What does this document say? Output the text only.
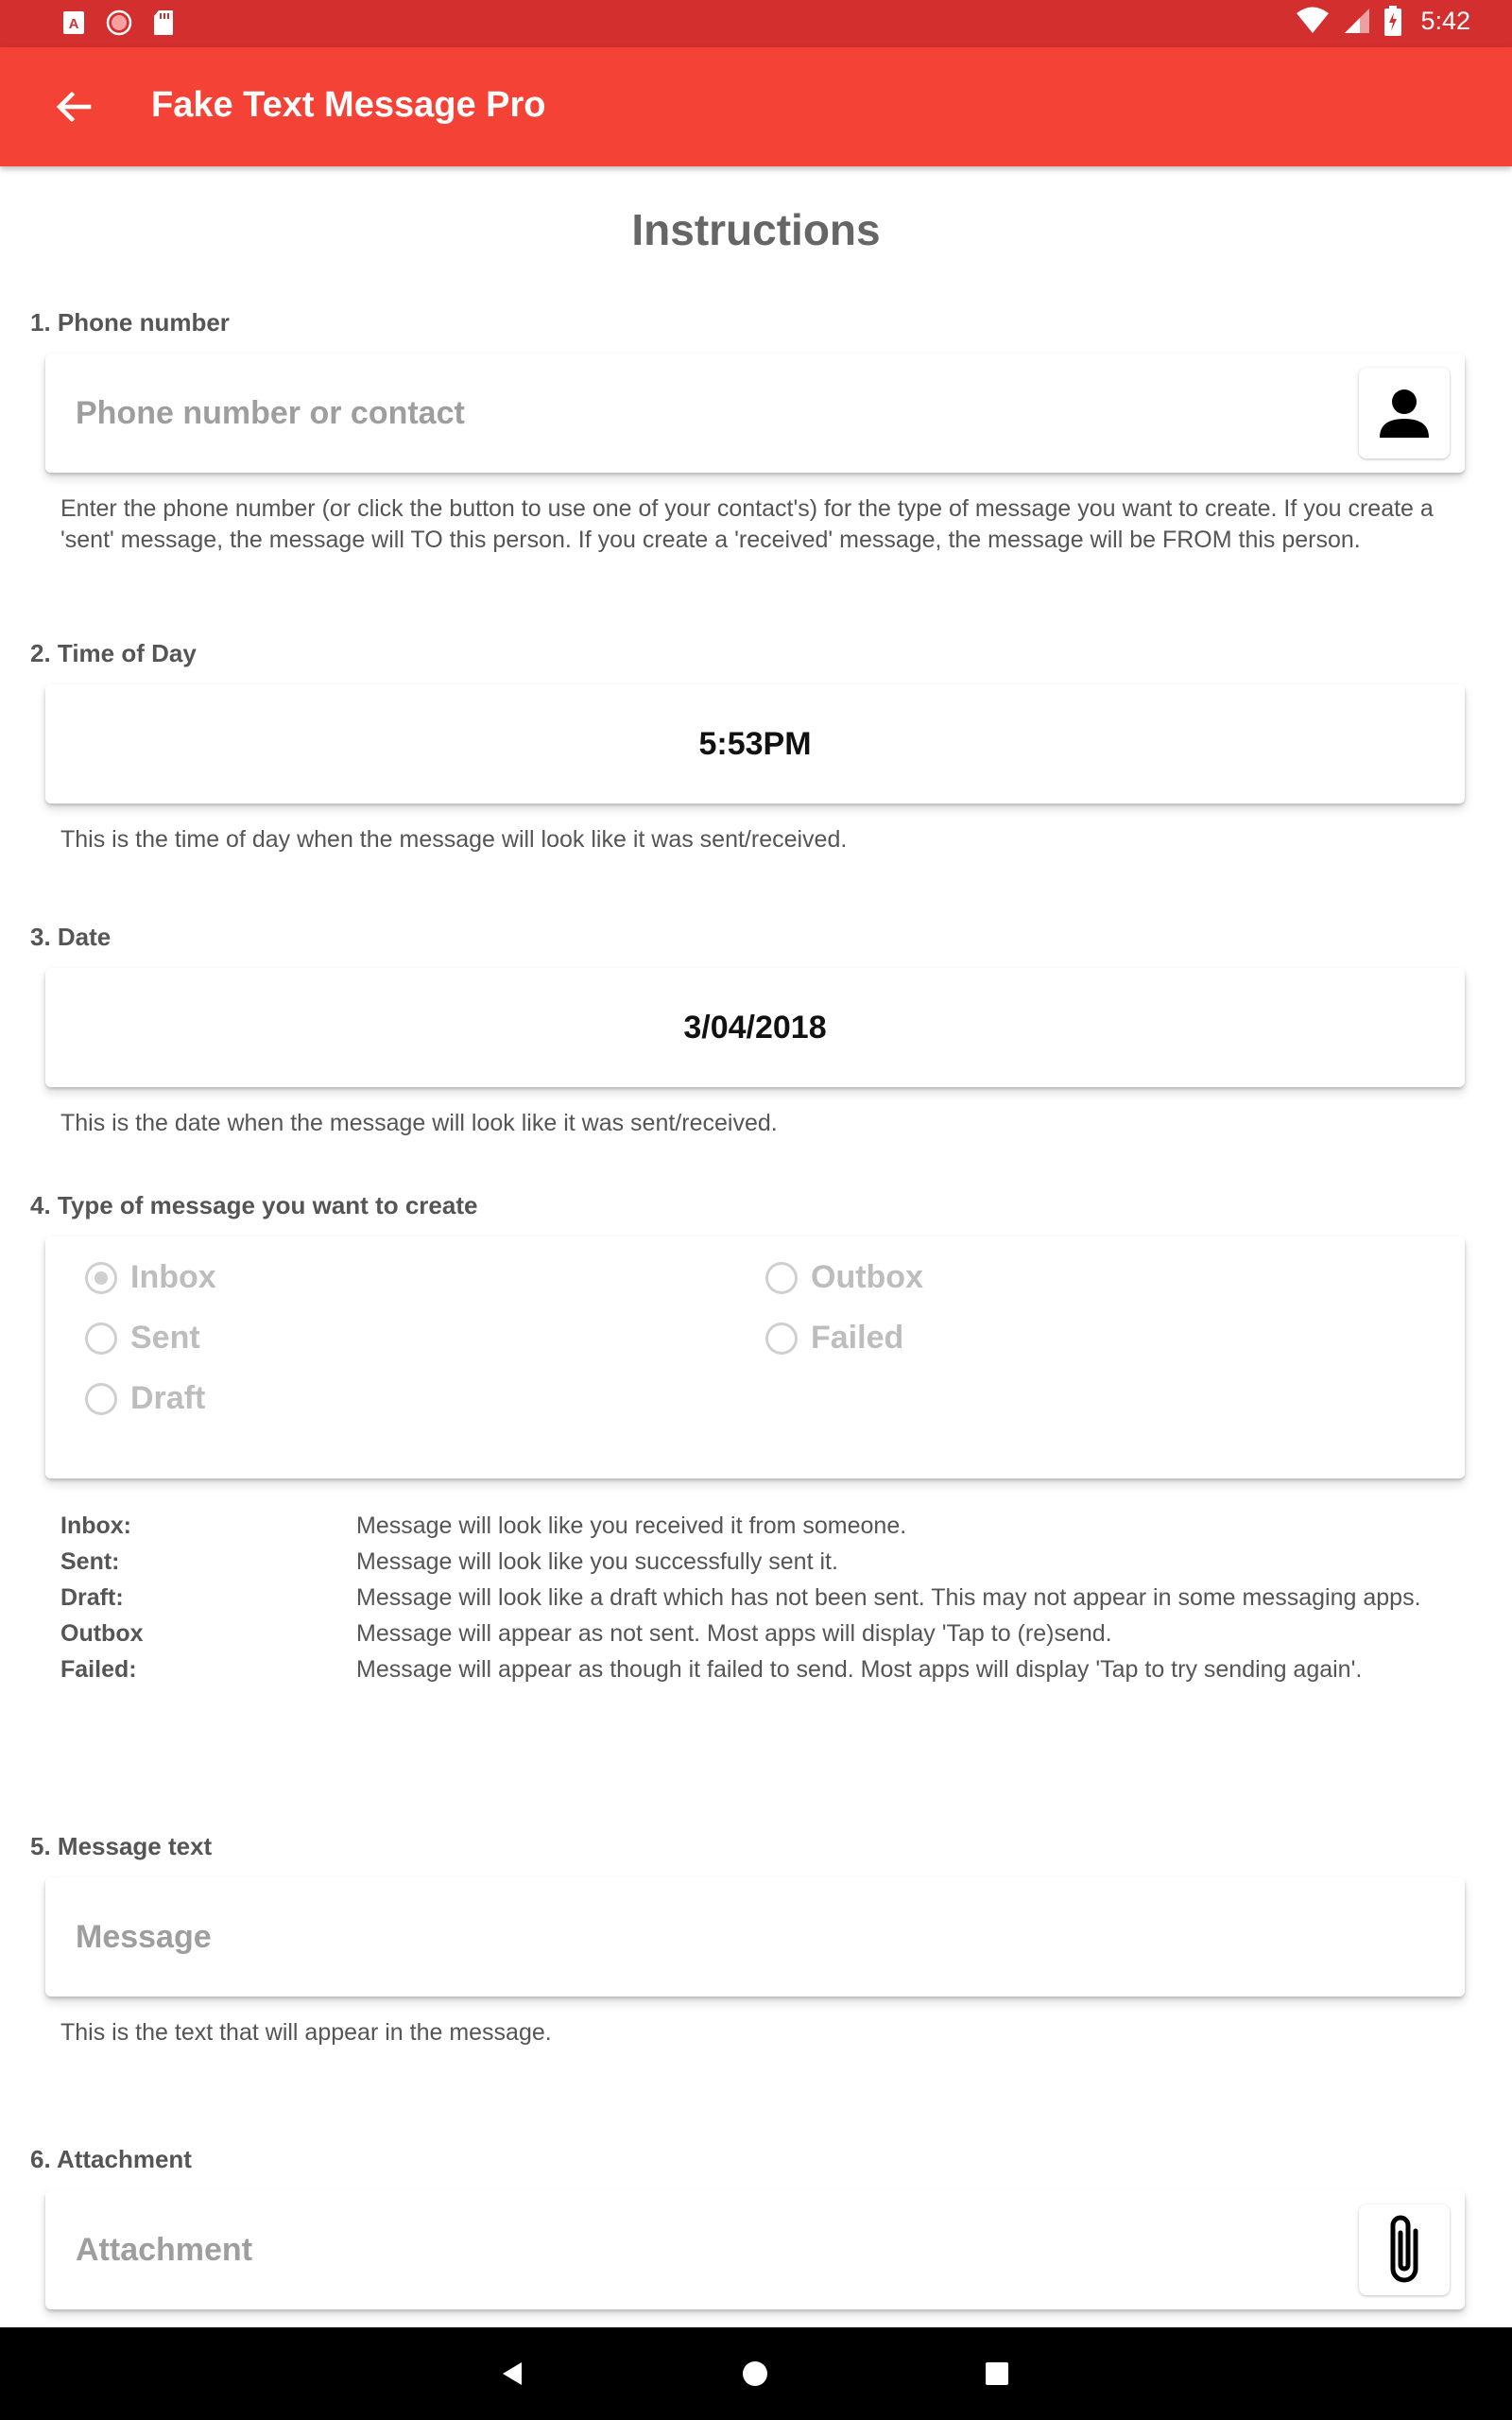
A	5:42
Fake Text Message Pro
Instructions
1. Phone number
Phone number or contact
Enter the phone number (or click the button to use one of your contact's) for the type of message you want to create. If you create a 'sent' message, the message will TO this person. If you create a 'received' message, the message will be FROM this person.
2. Time of Day
5:53PM
This is the time of day when the message will look like it was sent/received.
3. Date
3/04/2018
This is the date when the message will look like it was sent/received.
4. Type of message you want to create
Inbox	Outbox
Sent	Failed
Draft
Inbox:	Message will look like you received it from someone.
Sent:	Message will look like you successfully sent it.
Draft:	Message will look like a draft which has not been sent. This may not appear in some messaging apps.
Outbox	Message will appear as not sent. Most apps will display 'Tap to (re)send.
Failed:	Message will appear as though it failed to send. Most apps will display 'Tap to try sending again'.
5. Message text
Message
This is the text that will appear in the message.
6. Attachment
Attachment
